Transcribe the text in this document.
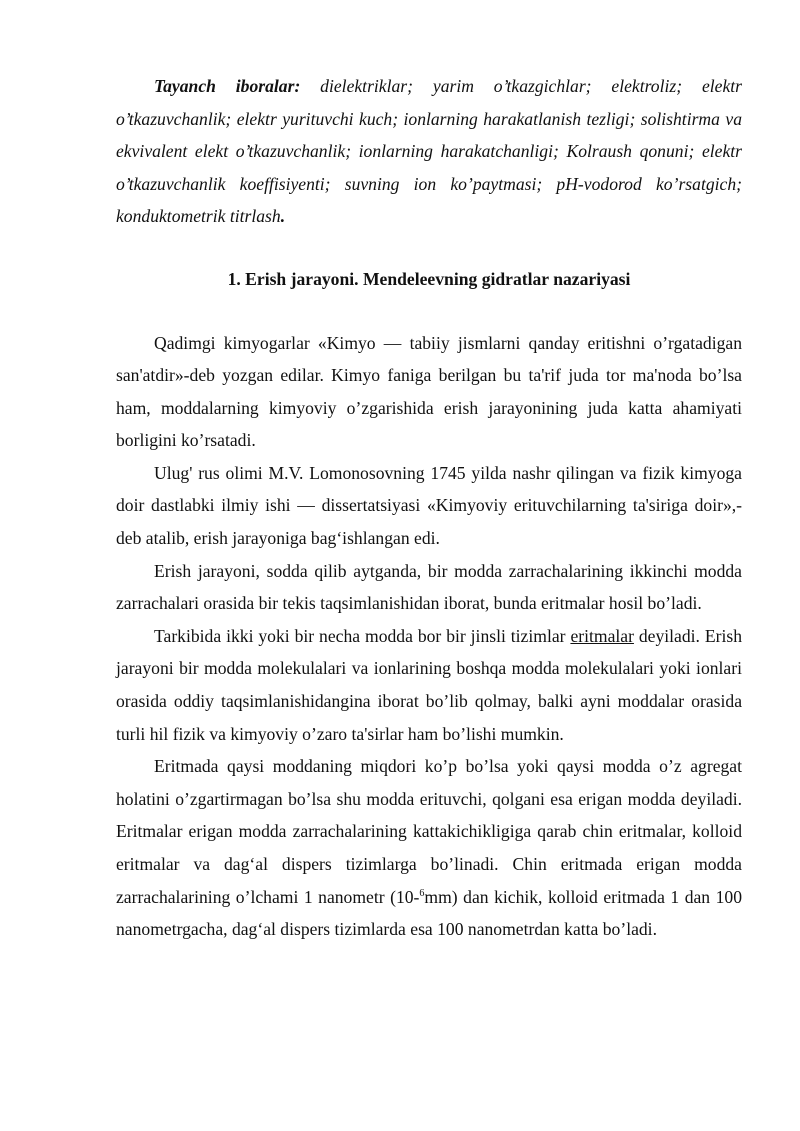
Tayanch iboralar: dielektriklar; yarim o’tkazgichlar; elektroliz; elektr o’tkazuvchanlik; elektr yurituvchi kuch; ionlarning harakatlanish tezligi; solishtirma va ekvivalent elekt o’tkazuvchanlik; ionlarning harakatchanligi; Kolraush qonuni; elektr o’tkazuvchanlik koeffisiyenti; suvning ion ko’paytmasi; pH-vodorod ko’rsatgich; konduktometrik titrlash.

1. Erish jarayoni. Mendeleevning gidratlar nazariyasi

Qadimgi kimyogarlar «Kimyo — tabiiy jismlarni qanday eritishni o’rgatadigan san'atdir»-deb yozgan edilar. Kimyo faniga berilgan bu ta'rif juda tor ma'noda bo’lsa ham, moddalarning kimyoviy o’zgarishida erish jarayonining juda katta ahamiyati borligini ko’rsatadi.

Ulug' rus olimi M.V. Lomonosovning 1745 yilda nashr qilingan va fizik kimyoga doir dastlabki ilmiy ishi — dissertatsiyasi «Kimyoviy erituvchilarning ta'siriga doir»,-deb atalib, erish jarayoniga bagʻishlangan edi.

Erish jarayoni, sodda qilib aytganda, bir modda zarrachalarining ikkinchi modda zarrachalari orasida bir tekis taqsimlanishidan iborat, bunda eritmalar hosil bo’ladi.

Tarkibida ikki yoki bir necha modda bor bir jinsli tizimlar eritmalar deyiladi. Erish jarayoni bir modda molekulalari va ionlarining boshqa modda molekulalari yoki ionlari orasida oddiy taqsimlanishidangina iborat bo’lib qolmay, balki ayni moddalar orasida turli hil fizik va kimyoviy o’zaro ta'sirlar ham bo’lishi mumkin.

Eritmada qaysi moddaning miqdori ko’p bo’lsa yoki qaysi modda o’z agregat holatini o’zgartirmagan bo’lsa shu modda erituvchi, qolgani esa erigan modda deyiladi. Eritmalar erigan modda zarrachalarining kattakichikligiga qarab chin eritmalar, kolloid eritmalar va dagʻal dispers tizimlarga bo’linadi. Chin eritmada erigan modda zarrachalarining o’lchami 1 nanometr (10-$^6$mm) dan kichik, kolloid eritmada 1 dan 100 nanometrgacha, dagʻal dispers tizimlarda esa 100 nanometrdan katta bo’ladi.
